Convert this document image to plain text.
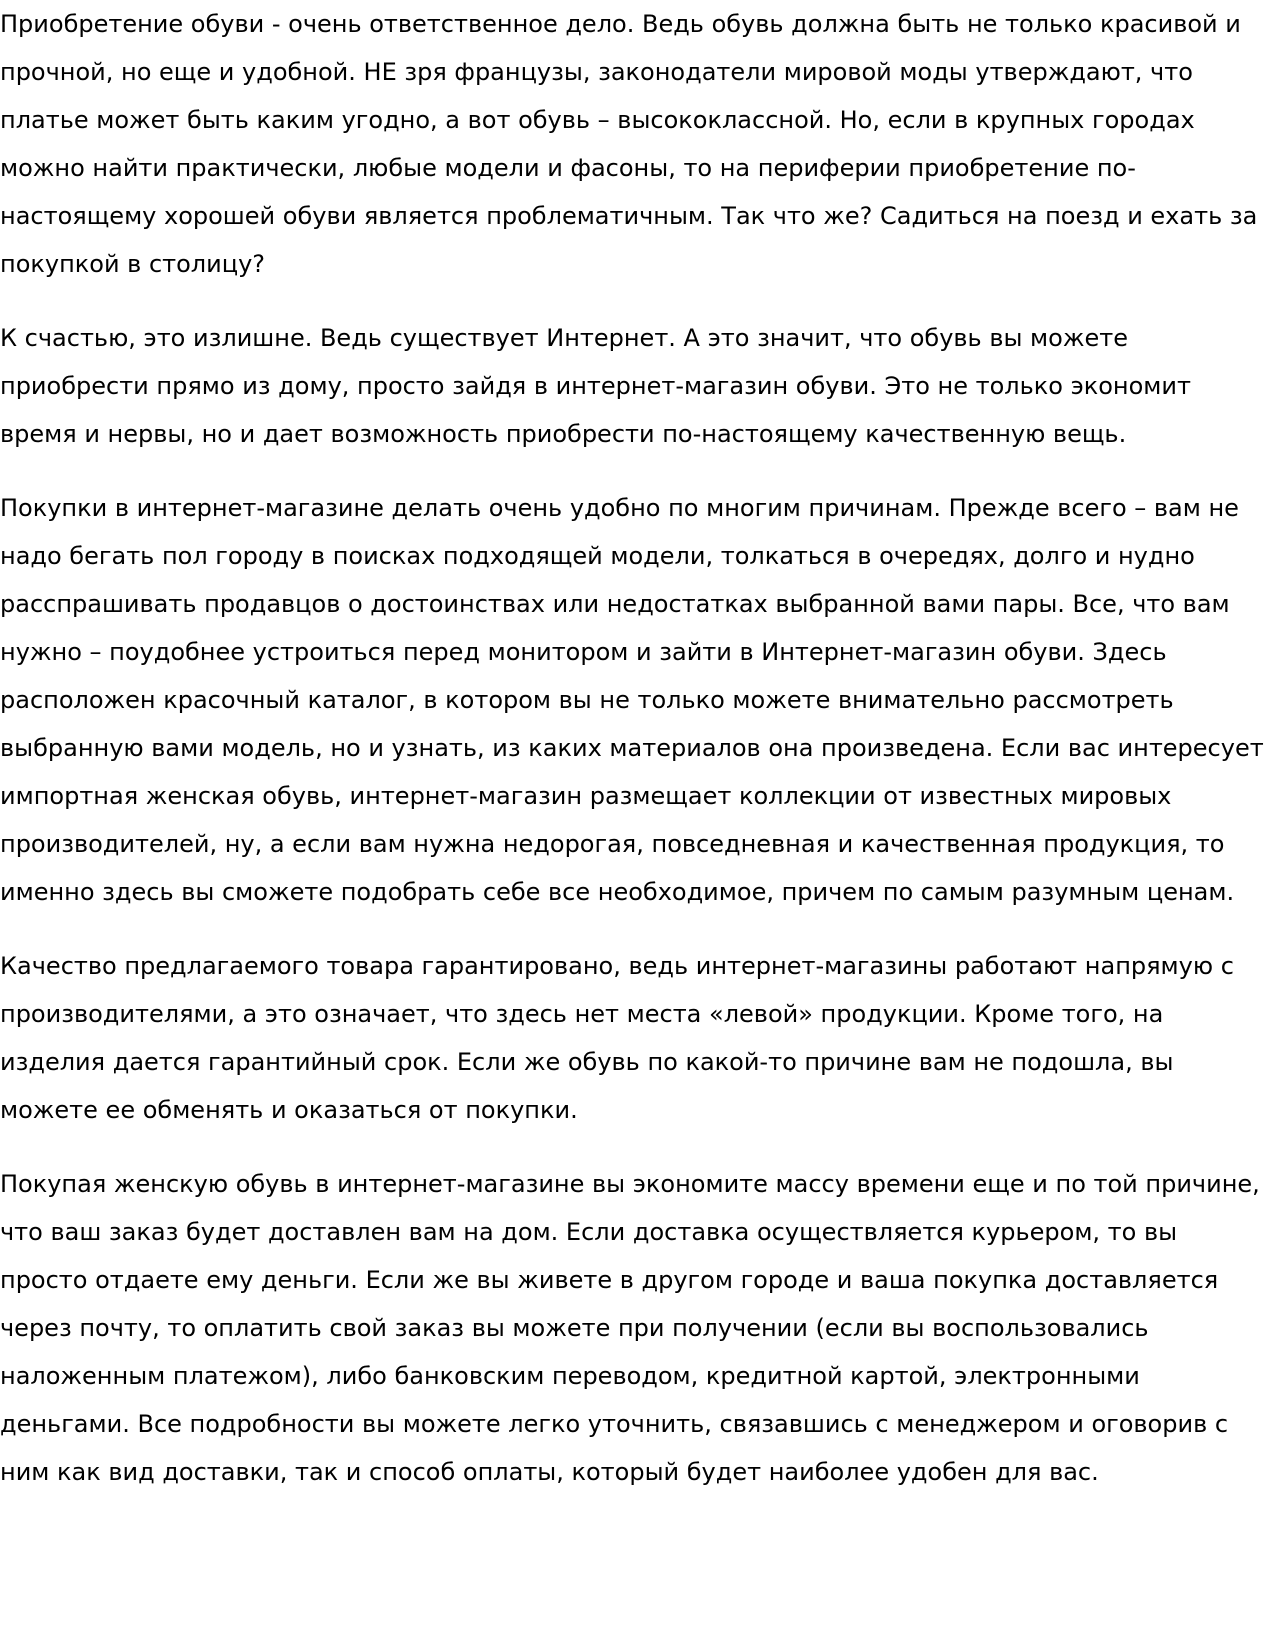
Приобретение обуви - очень ответственное дело. Ведь обувь должна быть не только красивой и прочной, но еще и удобной. НЕ зря французы, законодатели мировой моды утверждают, что платье может быть каким угодно, а вот обувь – высококлассной. Но, если в крупных городах можно найти практически, любые модели и фасоны, то на периферии приобретение по-настоящему хорошей обуви является проблематичным. Так что же? Садиться на поезд и ехать за покупкой в столицу?

К счастью, это излишне. Ведь существует Интернет. А это значит, что обувь вы можете приобрести прямо из дому, просто зайдя в интернет-магазин обуви. Это не только экономит время и нервы, но и дает возможность приобрести по-настоящему качественную вещь.

Покупки в интернет-магазине делать очень удобно по многим причинам. Прежде всего – вам не надо бегать пол городу в поисках подходящей модели, толкаться в очередях, долго и нудно расспрашивать продавцов о достоинствах или недостатках выбранной вами пары. Все, что вам нужно – поудобнее устроиться перед монитором и зайти в Интернет-магазин обуви. Здесь расположен красочный каталог, в котором вы не только можете внимательно рассмотреть выбранную вами модель, но и узнать, из каких материалов она произведена. Если вас интересует импортная женская обувь, интернет-магазин размещает коллекции от известных мировых производителей, ну, а если вам нужна недорогая, повседневная и качественная продукция, то именно здесь вы сможете подобрать себе все необходимое, причем по самым разумным ценам.

Качество предлагаемого товара гарантировано, ведь интернет-магазины работают напрямую с производителями, а это означает, что здесь нет места «левой» продукции. Кроме того, на изделия дается гарантийный срок. Если же обувь по какой-то причине вам не подошла, вы можете ее обменять и оказаться от покупки.

Покупая женскую обувь в интернет-магазине вы экономите массу времени еще и по той причине, что ваш заказ будет доставлен вам на дом. Если доставка осуществляется курьером, то вы просто отдаете ему деньги. Если же вы живете в другом городе и ваша покупка доставляется через почту, то оплатить свой заказ вы можете при получении (если вы воспользовались наложенным платежом), либо банковским переводом, кредитной картой, электронными деньгами. Все подробности вы можете легко уточнить, связавшись с менеджером и оговорив с ним как вид доставки, так и способ оплаты, который будет наиболее удобен для вас.
